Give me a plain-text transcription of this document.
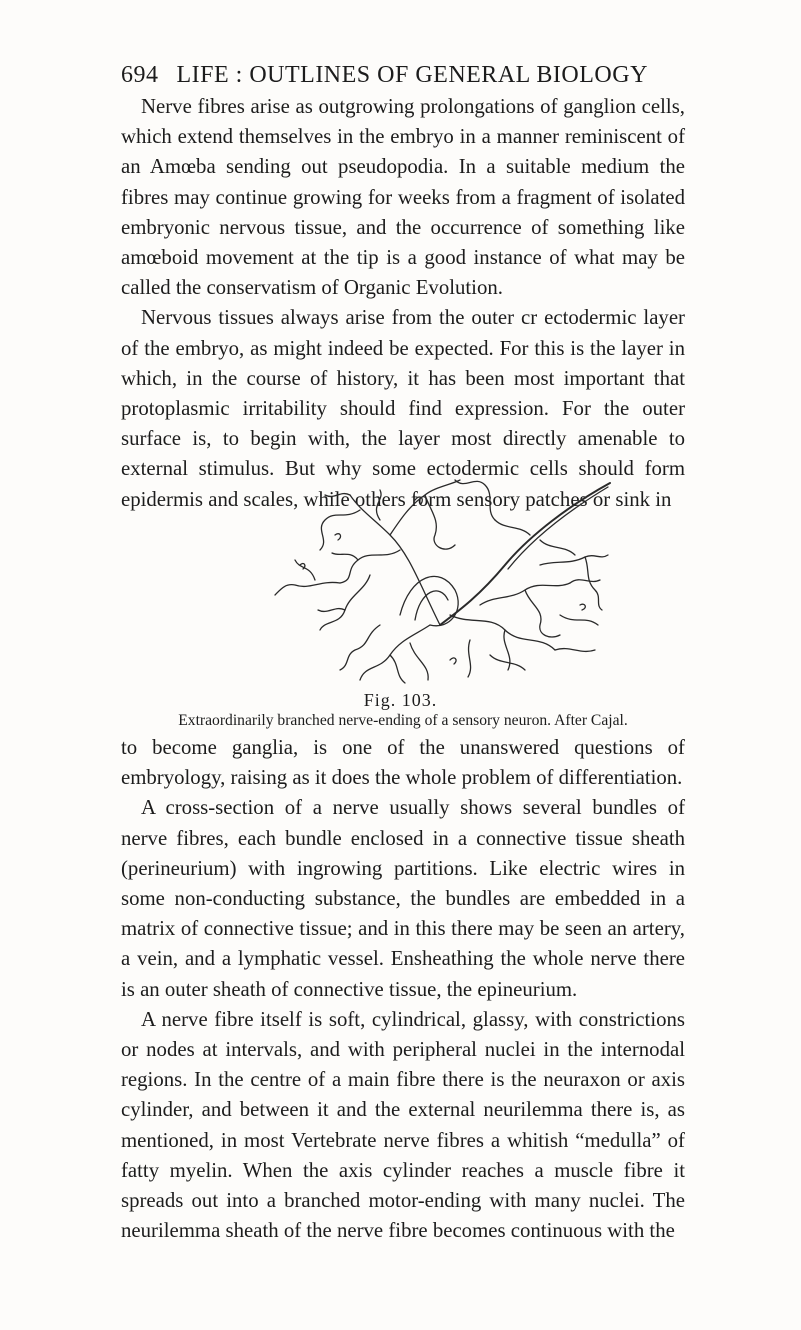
694 LIFE : OUTLINES OF GENERAL BIOLOGY

Nerve fibres arise as outgrowing prolongations of ganglion cells, which extend themselves in the embryo in a manner reminiscent of an Amœba sending out pseudopodia. In a suitable medium the fibres may continue growing for weeks from a fragment of isolated embryonic nervous tissue, and the occurrence of something like amœboid movement at the tip is a good instance of what may be called the conservatism of Organic Evolution.

Nervous tissues always arise from the outer cr ectodermic layer of the embryo, as might indeed be expected. For this is the layer in which, in the course of history, it has been most important that protoplasmic irritability should find expression. For the outer surface is, to begin with, the layer most directly amenable to external stimulus. But why some ectodermic cells should form epidermis and scales, while others form sensory patches or sink in

Fig. 103.
Extraordinarily branched nerve-ending of a sensory neuron. After Cajal.

to become ganglia, is one of the unanswered questions of embryology, raising as it does the whole problem of differentiation.

A cross-section of a nerve usually shows several bundles of nerve fibres, each bundle enclosed in a connective tissue sheath (perineurium) with ingrowing partitions. Like electric wires in some non-conducting substance, the bundles are embedded in a matrix of connective tissue; and in this there may be seen an artery, a vein, and a lymphatic vessel. Ensheathing the whole nerve there is an outer sheath of connective tissue, the epineurium.

A nerve fibre itself is soft, cylindrical, glassy, with constrictions or nodes at intervals, and with peripheral nuclei in the internodal regions. In the centre of a main fibre there is the neuraxon or axis cylinder, and between it and the external neurilemma there is, as mentioned, in most Vertebrate nerve fibres a whitish “medulla” of fatty myelin. When the axis cylinder reaches a muscle fibre it spreads out into a branched motor-ending with many nuclei. The neurilemma sheath of the nerve fibre becomes continuous with the
